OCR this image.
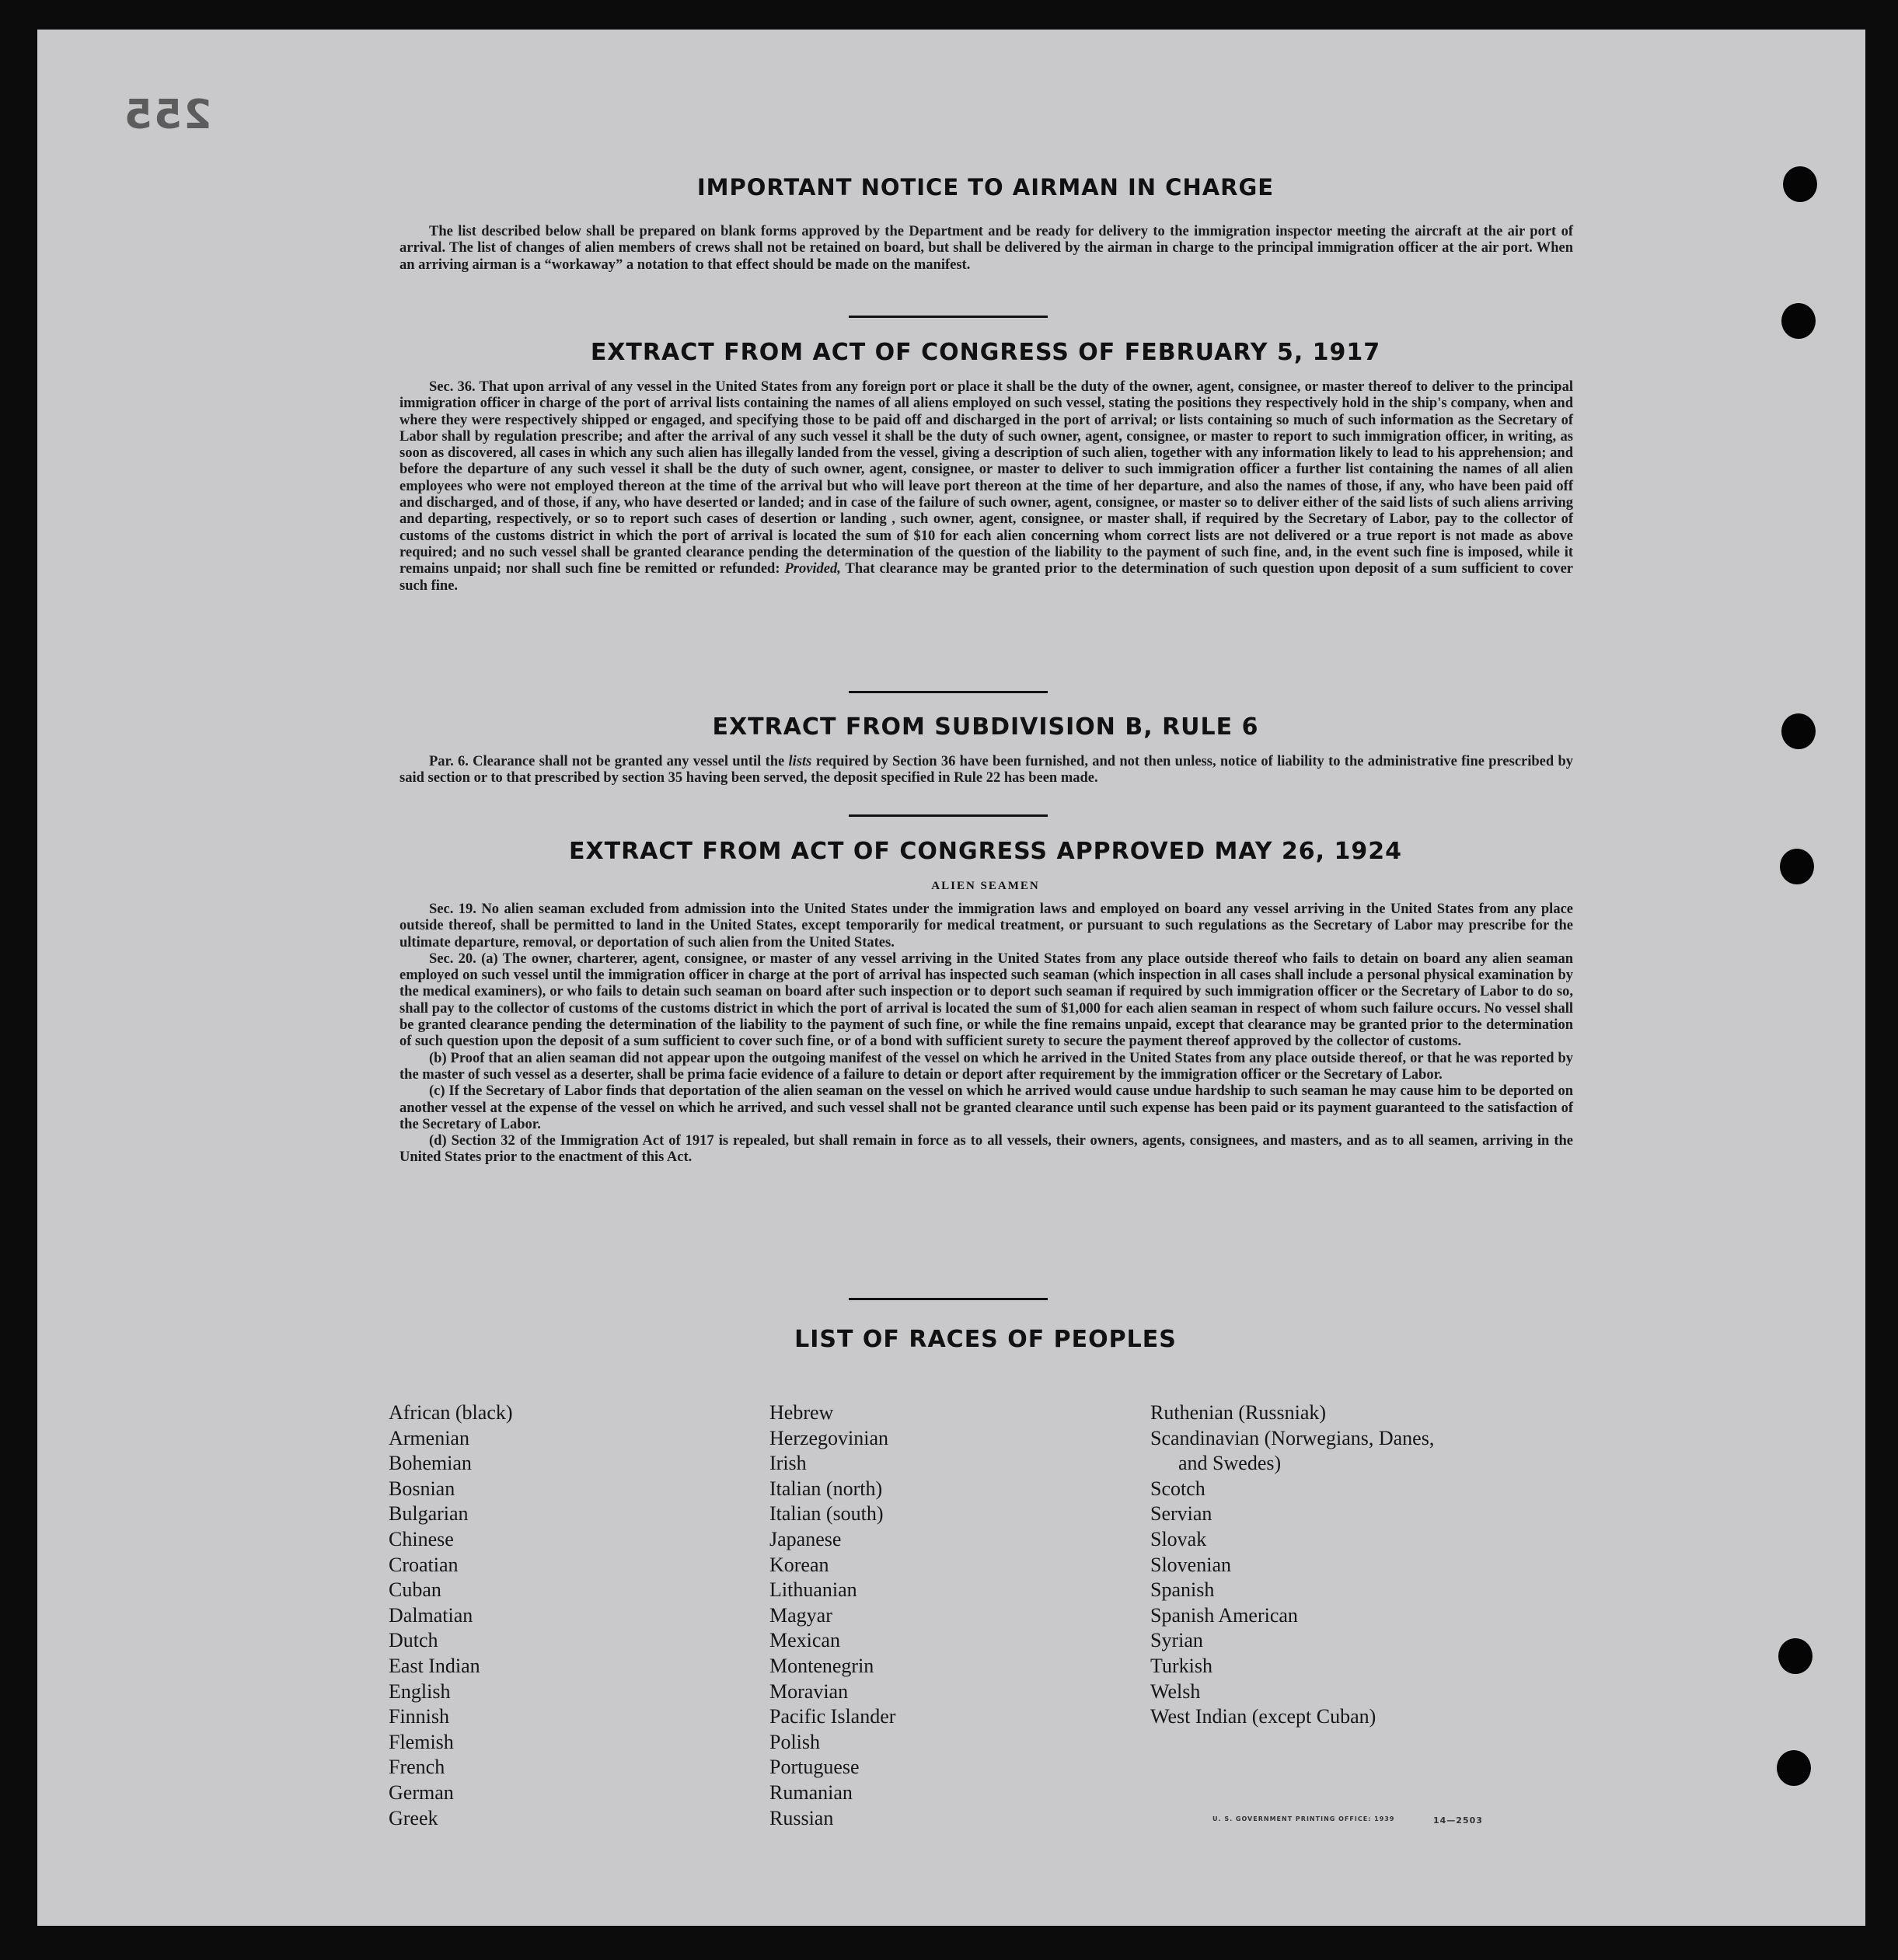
255
IMPORTANT NOTICE TO AIRMAN IN CHARGE

The list described below shall be prepared on blank forms approved by the Department and be ready for delivery to the immigration inspector meeting the aircraft at the air port of arrival. The list of changes of alien members of crews shall not be retained on board, but shall be delivered by the airman in charge to the principal immigration officer at the air port. When an arriving airman is a “workaway” a notation to that effect should be made on the manifest.

EXTRACT FROM ACT OF CONGRESS OF FEBRUARY 5, 1917

Sec. 36. That upon arrival of any vessel in the United States from any foreign port or place it shall be the duty of the owner, agent, consignee, or master thereof to deliver to the principal immigration officer in charge of the port of arrival lists containing the names of all aliens employed on such vessel, stating the positions they respectively hold in the ship's company, when and where they were respectively shipped or engaged, and specifying those to be paid off and discharged in the port of arrival; or lists containing so much of such information as the Secretary of Labor shall by regulation prescribe; and after the arrival of any such vessel it shall be the duty of such owner, agent, consignee, or master to report to such immigration officer, in writing, as soon as discovered, all cases in which any such alien has illegally landed from the vessel, giving a description of such alien, together with any information likely to lead to his apprehension; and before the departure of any such vessel it shall be the duty of such owner, agent, consignee, or master to deliver to such immigration officer a further list containing the names of all alien employees who were not employed thereon at the time of the arrival but who will leave port thereon at the time of her departure, and also the names of those, if any, who have been paid off and discharged, and of those, if any, who have deserted or landed; and in case of the failure of such owner, agent, consignee, or master so to deliver either of the said lists of such aliens arriving and departing, respectively, or so to report such cases of desertion or landing , such owner, agent, consignee, or master shall, if required by the Secretary of Labor, pay to the collector of customs of the customs district in which the port of arrival is located the sum of $10 for each alien concerning whom correct lists are not delivered or a true report is not made as above required; and no such vessel shall be granted clearance pending the determination of the question of the liability to the payment of such fine, and, in the event such fine is imposed, while it remains unpaid; nor shall such fine be remitted or refunded: Provided, That clearance may be granted prior to the determination of such question upon deposit of a sum sufficient to cover such fine.

EXTRACT FROM SUBDIVISION B, RULE 6

Par. 6. Clearance shall not be granted any vessel until the lists required by Section 36 have been furnished, and not then unless, notice of liability to the administrative fine prescribed by said section or to that prescribed by section 35 having been served, the deposit specified in Rule 22 has been made.

EXTRACT FROM ACT OF CONGRESS APPROVED MAY 26, 1924
ALIEN SEAMEN

Sec. 19. No alien seaman excluded from admission into the United States under the immigration laws and employed on board any vessel arriving in the United States from any place outside thereof, shall be permitted to land in the United States, except temporarily for medical treatment, or pursuant to such regulations as the Secretary of Labor may prescribe for the ultimate departure, removal, or deportation of such alien from the United States.

Sec. 20. (a) The owner, charterer, agent, consignee, or master of any vessel arriving in the United States from any place outside thereof who fails to detain on board any alien seaman employed on such vessel until the immigration officer in charge at the port of arrival has inspected such seaman (which inspection in all cases shall include a personal physical examination by the medical examiners), or who fails to detain such seaman on board after such inspection or to deport such seaman if required by such immigration officer or the Secretary of Labor to do so, shall pay to the collector of customs of the customs district in which the port of arrival is located the sum of $1,000 for each alien seaman in respect of whom such failure occurs. No vessel shall be granted clearance pending the determination of the liability to the payment of such fine, or while the fine remains unpaid, except that clearance may be granted prior to the determination of such question upon the deposit of a sum sufficient to cover such fine, or of a bond with sufficient surety to secure the payment thereof approved by the collector of customs.

(b) Proof that an alien seaman did not appear upon the outgoing manifest of the vessel on which he arrived in the United States from any place outside thereof, or that he was reported by the master of such vessel as a deserter, shall be prima facie evidence of a failure to detain or deport after requirement by the immigration officer or the Secretary of Labor.

(c) If the Secretary of Labor finds that deportation of the alien seaman on the vessel on which he arrived would cause undue hardship to such seaman he may cause him to be deported on another vessel at the expense of the vessel on which he arrived, and such vessel shall not be granted clearance until such expense has been paid or its payment guaranteed to the satisfaction of the Secretary of Labor.

(d) Section 32 of the Immigration Act of 1917 is repealed, but shall remain in force as to all vessels, their owners, agents, consignees, and masters, and as to all seamen, arriving in the United States prior to the enactment of this Act.

LIST OF RACES OF PEOPLES
African (black)
Armenian
Bohemian
Bosnian
Bulgarian
Chinese
Croatian
Cuban
Dalmatian
Dutch
East Indian
English
Finnish
Flemish
French
German
Greek
Hebrew
Herzegovinian
Irish
Italian (north)
Italian (south)
Japanese
Korean
Lithuanian
Magyar
Mexican
Montenegrin
Moravian
Pacific Islander
Polish
Portuguese
Rumanian
Russian
Ruthenian (Russniak)
Scandinavian (Norwegians, Danes,
and Swedes)
Scotch
Servian
Slovak
Slovenian
Spanish
Spanish American
Syrian
Turkish
Welsh
West Indian (except Cuban)
U. S. GOVERNMENT PRINTING OFFICE: 1939	14—2503
